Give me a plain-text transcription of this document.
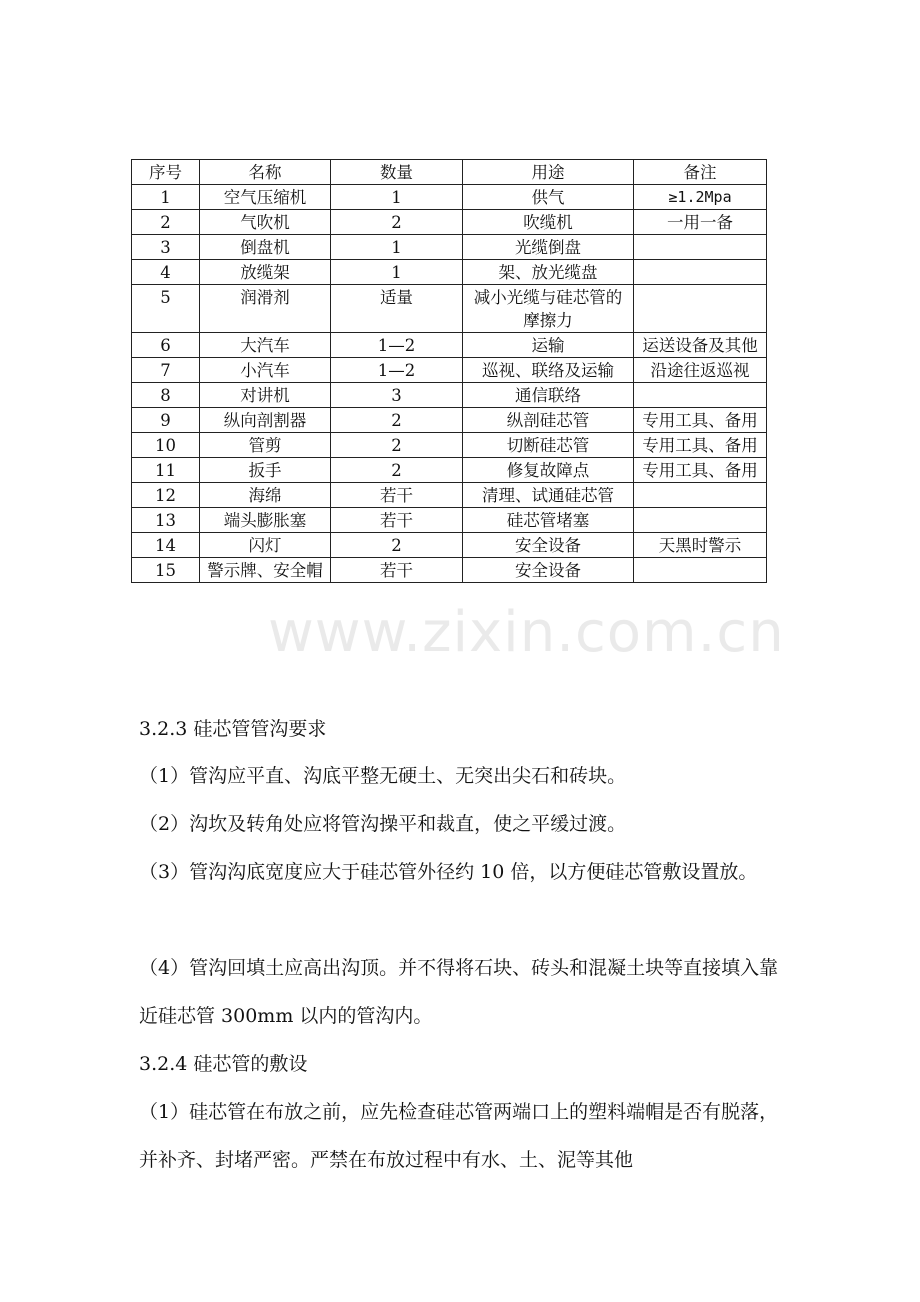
序号	名称	数量	用途	备注
1	空气压缩机	1	供气	≥1.2Mpa
2	气吹机	2	吹缆机	一用一备
3	倒盘机	1	光缆倒盘	
4	放缆架	1	架、放光缆盘	
5	润滑剂	适量	减小光缆与硅芯管的摩擦力	
6	大汽车	1—2	运输	运送设备及其他
7	小汽车	1—2	巡视、联络及运输	沿途往返巡视
8	对讲机	3	通信联络	
9	纵向剖割器	2	纵剖硅芯管	专用工具、备用
10	管剪	2	切断硅芯管	专用工具、备用
11	扳手	2	修复故障点	专用工具、备用
12	海绵	若干	清理、试通硅芯管	
13	端头膨胀塞	若干	硅芯管堵塞	
14	闪灯	2	安全设备	天黑时警示
15	警示牌、安全帽	若干	安全设备	
www.zixin.com.cn

3.2.3 硅芯管管沟要求

（1）管沟应平直、沟底平整无硬土、无突出尖石和砖块。

（2）沟坎及转角处应将管沟操平和裁直，使之平缓过渡。

（3）管沟沟底宽度应大于硅芯管外径约 10 倍，以方便硅芯管敷设置放。

（4）管沟回填土应高出沟顶。并不得将石块、砖头和混凝土块等直接填入靠近硅芯管 300mm 以内的管沟内。

3.2.4 硅芯管的敷设

（1）硅芯管在布放之前，应先检查硅芯管两端口上的塑料端帽是否有脱落，并补齐、封堵严密。严禁在布放过程中有水、土、泥等其他
